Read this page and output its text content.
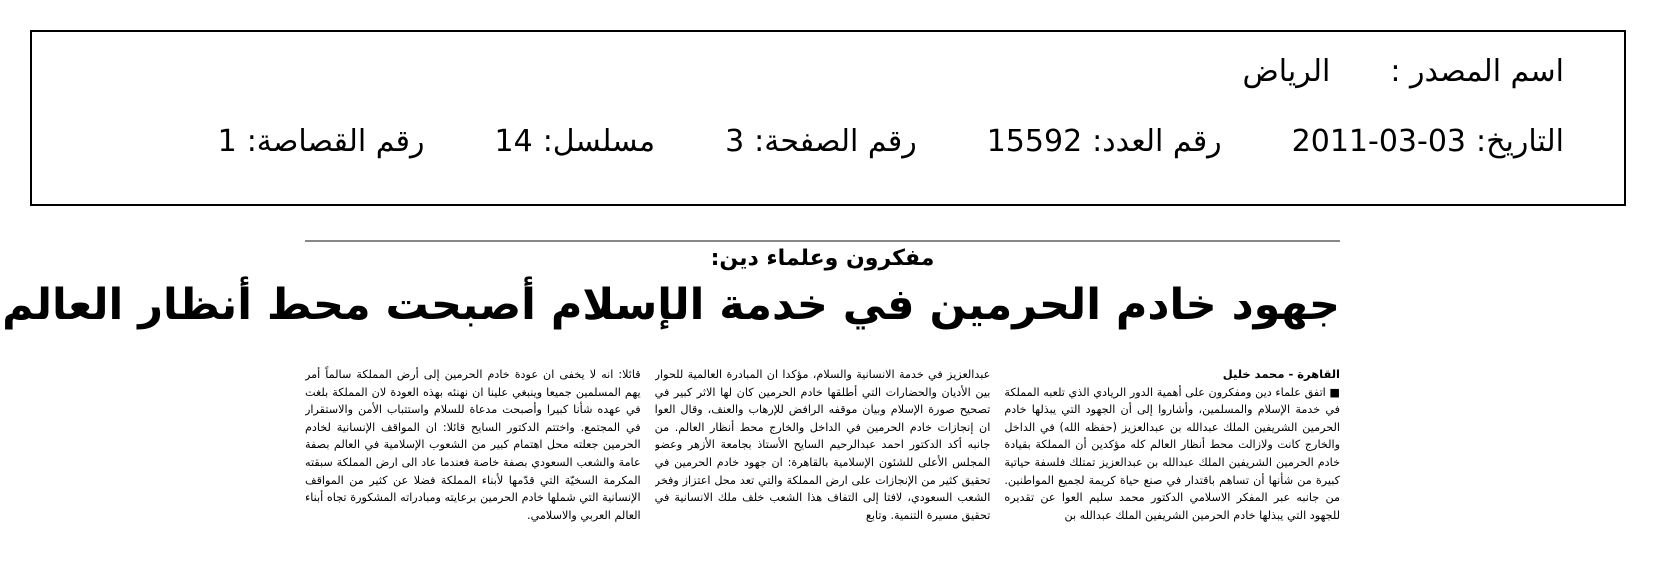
اسم المصدر :
الرياض
التاريخ:
2011-03-03
رقم العدد:
15592
رقم الصفحة:
3
مسلسل:
14
رقم القصاصة:
1
مفكرون وعلماء دين:
جهود خادم الحرمين في خدمة الإسلام أصبحت محط أنظار العالم

القاهرة - محمد خليل

■ اتفق علماء دين ومفكرون على أهمية الدور الريادي الذي تلعبه المملكة في خدمة الإسلام والمسلمين، وأشاروا إلى أن الجهود التي يبذلها خادم الحرمين الشريفين الملك عبدالله بن عبدالعزيز (حفظه الله) في الداخل والخارج كانت ولازالت محط أنظار العالم كله مؤكدين أن المملكة بقيادة خادم الحرمين الشريفين الملك عبدالله بن عبدالعزيز تمتلك فلسفة حياتية كبيرة من شأنها أن تساهم باقتدار في صنع حياة كريمة لجميع المواطنين. من جانبه عبر المفكر الاسلامي الدكتور محمد سليم العوا عن تقديره للجهود التي يبذلها خادم الحرمين الشريفين الملك عبدالله بن

عبدالعزيز في خدمة الانسانية والسلام، مؤكدا ان المبادرة العالمية للحوار بين الأديان والحضارات التي أطلقها خادم الحرمين كان لها الاثر كبير في تصحيح صورة الإسلام وبيان موقفه الرافض للإرهاب والعنف، وقال العوا ان إنجازات خادم الحرمين في الداخل والخارج محط أنظار العالم. من جانبه أكد الدكتور احمد عبدالرحيم السايح الأستاذ بجامعة الأزهر وعضو المجلس الأعلى للشئون الإسلامية بالقاهرة: ان جهود خادم الحرمين في تحقيق كثير من الإنجازات على ارض المملكة والتي تعد محل اعتزاز وفخر الشعب السعودي، لافتا إلى التفاف هذا الشعب خلف ملك الانسانية في تحقيق مسيرة التنمية. وتابع

قائلا: انه لا يخفى ان عودة خادم الحرمين إلى أرض المملكة سالماً أمر يهم المسلمين جميعا وينبغي علينا ان نهنئه بهذه العودة لان المملكة بلغت في عهده شأنا كبيرا وأصبحت مدعاة للسلام واستتباب الأمن والاستقرار في المجتمع. واختتم الدكتور السايح قائلا: ان المواقف الإنسانية لخادم الحرمين جعلته محل اهتمام كبير من الشعوب الإسلامية في العالم بصفة عامة والشعب السعودي بصفة خاصة فعندما عاد الى ارض المملكة سبقته المكرمة السخيّة التي قدّمها لأبناء المملكة فضلا عن كثير من المواقف الإنسانية التي شملها خادم الحرمين برعايته ومبادراته المشكورة تجاه أبناء العالم العربي والاسلامي.
